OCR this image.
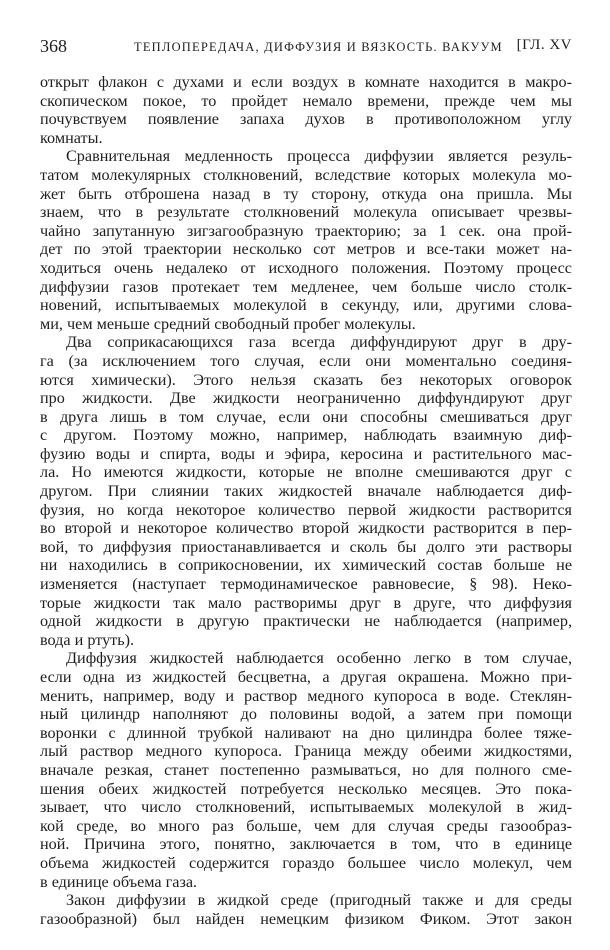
368	ТЕПЛОПЕРЕДАЧА, ДИФФУЗИЯ И ВЯЗКОСТЬ. ВАКУУМ [ГЛ. XV
открыт флакон с духами и если воздух в комнате находится в макро-
скопическом покое, то пройдет немало времени, прежде чем мы
почувствуем появление запаха духов в противоположном углу
комнаты.
Сравнительная медленность процесса диффузии является резуль-
татом молекулярных столкновений, вследствие которых молекула мо-
жет быть отброшена назад в ту сторону, откуда она пришла. Мы
знаем, что в результате столкновений молекула описывает чрезвы-
чайно запутанную зигзагообразную траекторию; за 1 сек. она прой-
дет по этой траектории несколько сот метров и все-таки может на-
ходиться очень недалеко от исходного положения. Поэтому процесс
диффузии газов протекает тем медленее, чем больше число столк-
новений, испытываемых молекулой в секунду, или, другими слова-
ми, чем меньше средний свободный пробег молекулы.
Два соприкасающихся газа всегда диффундируют друг в дру-
га (за исключением того случая, если они моментально соединя-
ются химически). Этого нельзя сказать без некоторых оговорок
про жидкости. Две жидкости неограниченно диффундируют друг
в друга лишь в том случае, если они способны смешиваться друг
с другом. Поэтому можно, например, наблюдать взаимную диф-
фузию воды и спирта, воды и эфира, керосина и растительного мас-
ла. Но имеются жидкости, которые не вполне смешиваются друг с
другом. При слиянии таких жидкостей вначале наблюдается диф-
фузия, но когда некоторое количество первой жидкости растворится
во второй и некоторое количество второй жидкости растворится в пер-
вой, то диффузия приостанавливается и сколь бы долго эти растворы
ни находились в соприкосновении, их химический состав больше не
изменяется (наступает термодинамическое равновесие, § 98). Неко-
торые жидкости так мало растворимы друг в друге, что диффузия
одной жидкости в другую практически не наблюдается (например,
вода и ртуть).
Диффузия жидкостей наблюдается особенно легко в том случае,
если одна из жидкостей бесцветна, а другая окрашена. Можно при-
менить, например, воду и раствор медного купороса в воде. Стеклян-
ный цилиндр наполняют до половины водой, а затем при помощи
воронки с длинной трубкой наливают на дно цилиндра более тяже-
лый раствор медного купороса. Граница между обеими жидкостями,
вначале резкая, станет постепенно размываться, но для полного сме-
шения обеих жидкостей потребуется несколько месяцев. Это пока-
зывает, что число столкновений, испытываемых молекулой в жид-
кой среде, во много раз больше, чем для случая среды газообраз-
ной. Причина этого, понятно, заключается в том, что в единице
объема жидкостей содержится гораздо большее число молекул, чем
в единице объема газа.
Закон диффузии в жидкой среде (пригодный также и для среды
газообразной) был найден немецким физиком Фиком. Этот закон
